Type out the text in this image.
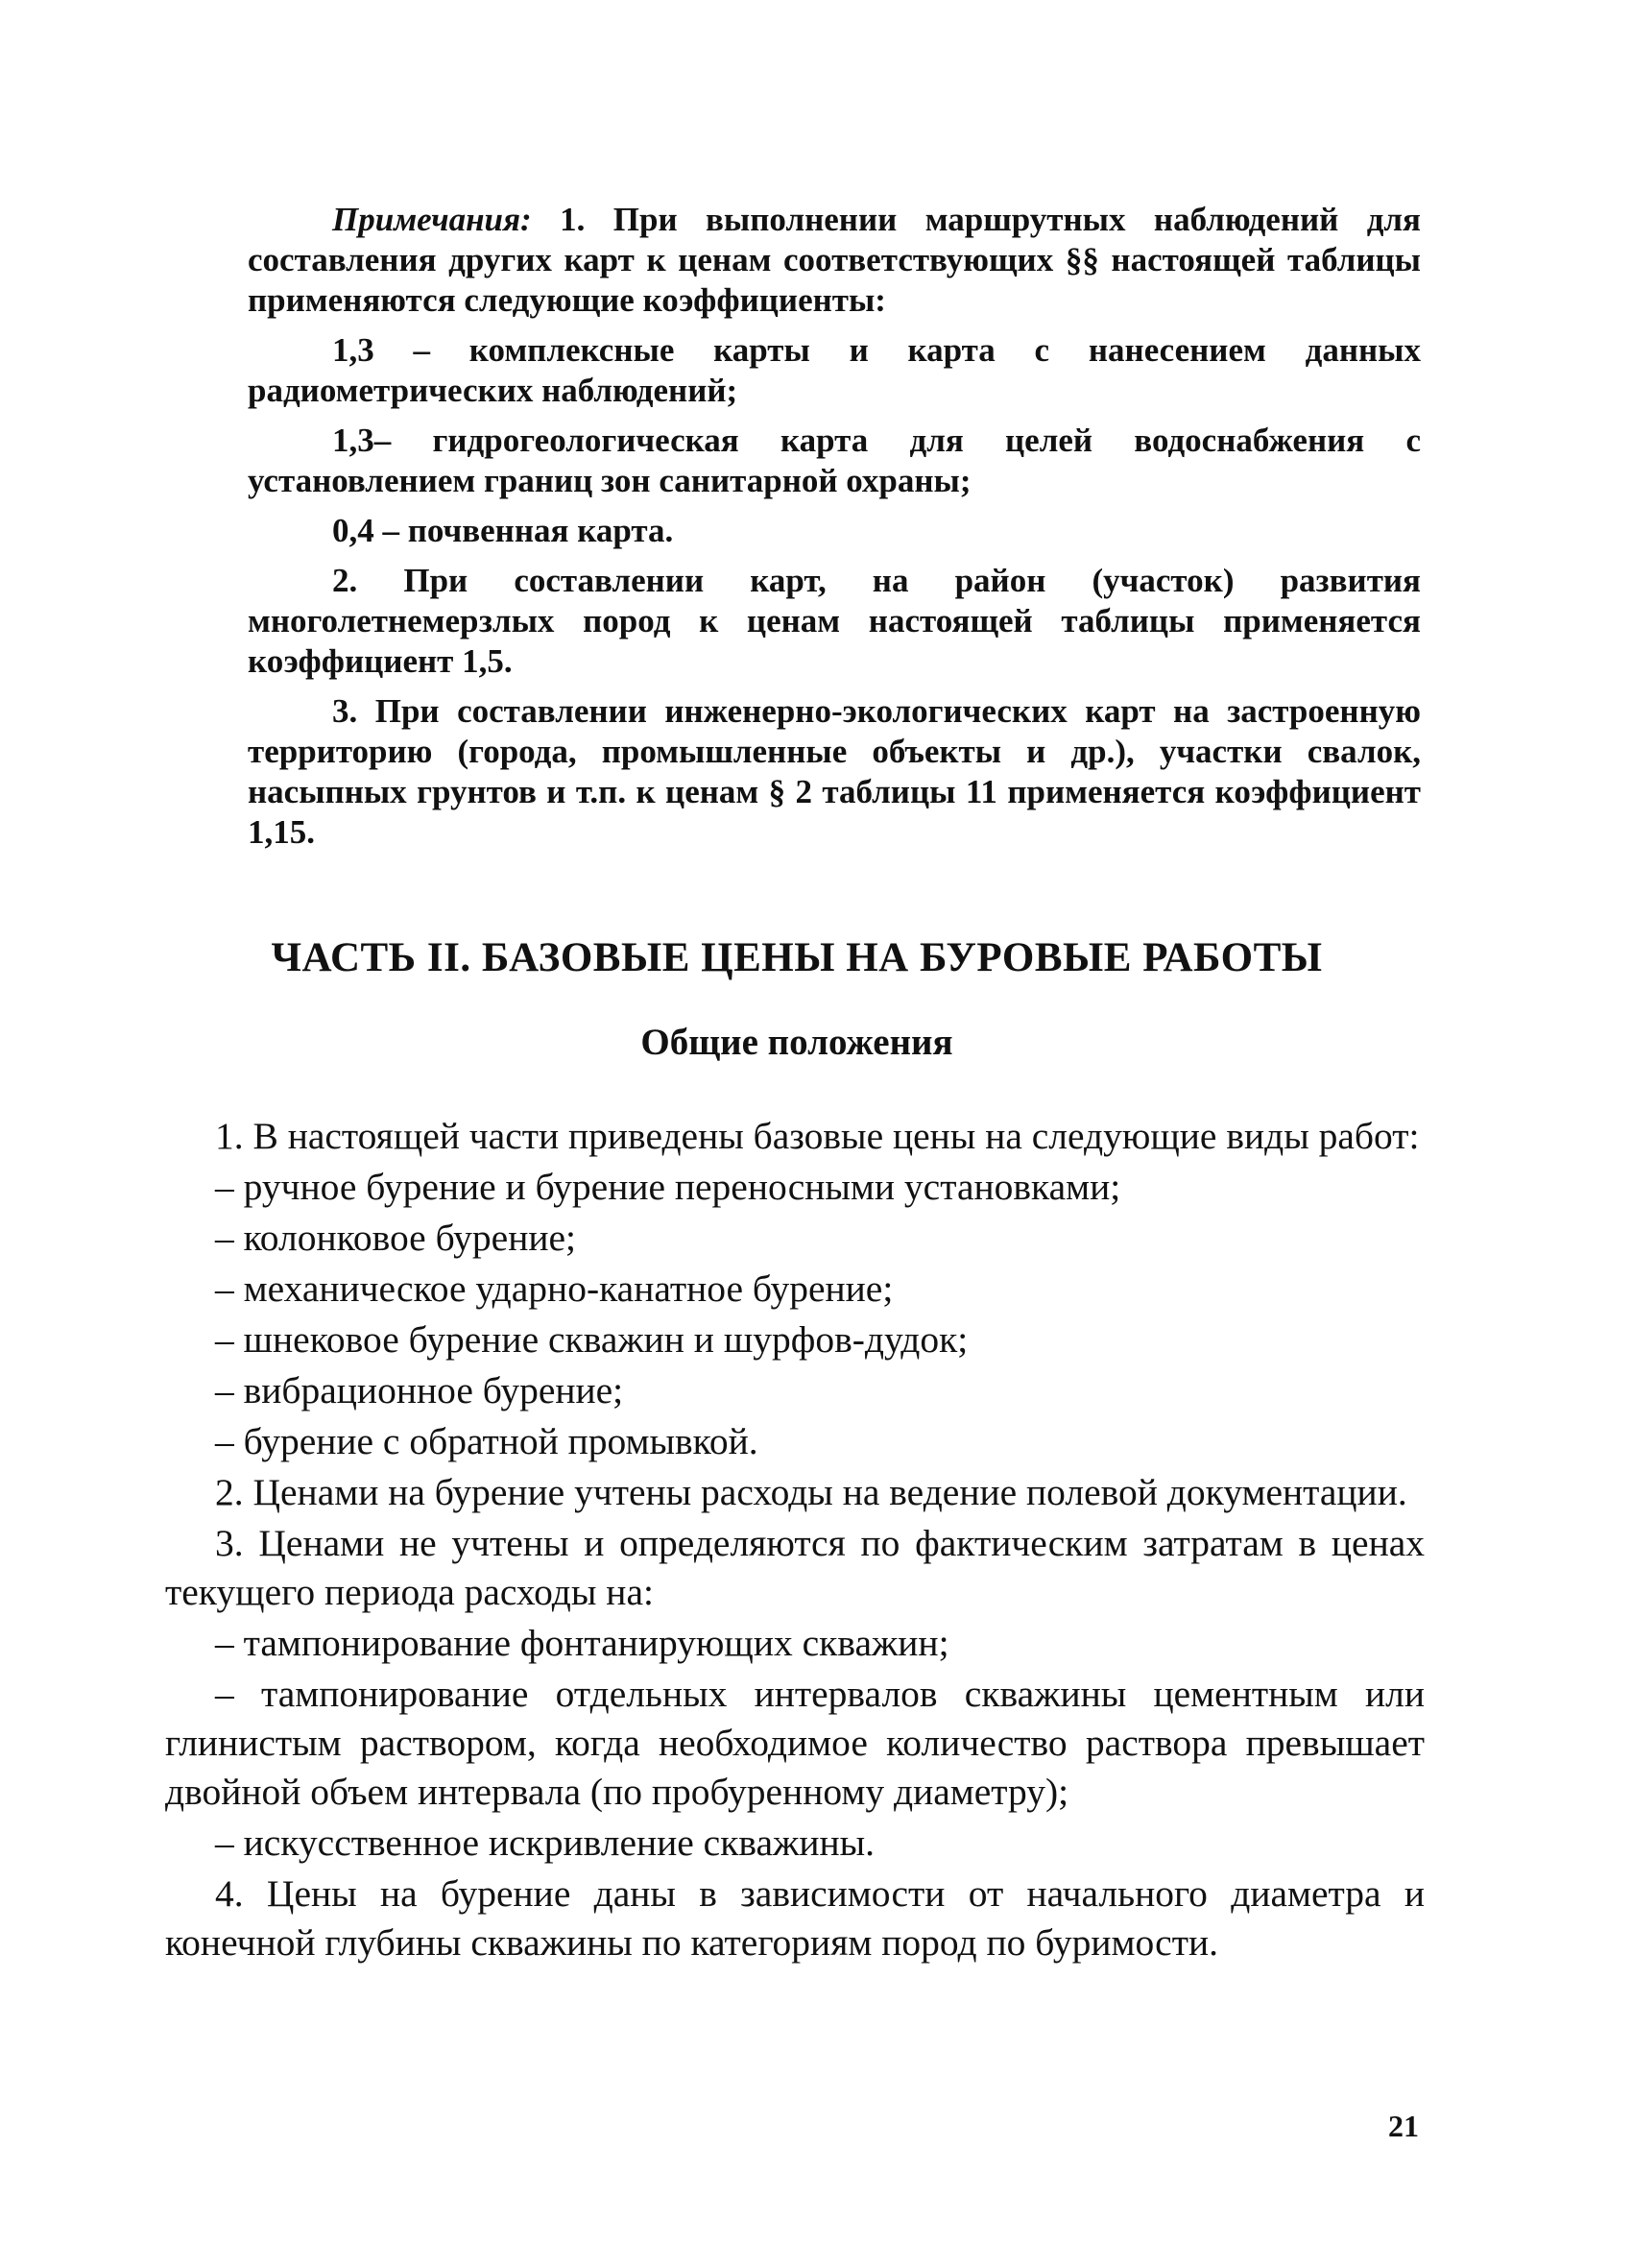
Примечания: 1. При выполнении маршрутных наблюдений для составления других карт к ценам соответствующих §§ настоящей таблицы применяются следующие коэффициенты:

1,3 – комплексные карты и карта с нанесением данных радиометрических наблюдений;

1,3– гидрогеологическая карта для целей водоснабжения с установлением границ зон санитарной охраны;

0,4 – почвенная карта.

2. При составлении карт, на район (участок) развития многолетнемерзлых пород к ценам настоящей таблицы применяется коэффициент 1,5.

3. При составлении инженерно-экологических карт на застроенную территорию (города, промышленные объекты и др.), участки свалок, насыпных грунтов и т.п. к ценам § 2 таблицы 11 применяется коэффициент 1,15.

ЧАСТЬ II. БАЗОВЫЕ ЦЕНЫ НА БУРОВЫЕ РАБОТЫ
Общие положения

1. В настоящей части приведены базовые цены на следующие виды работ:

– ручное бурение и бурение переносными установками;

– колонковое бурение;

– механическое ударно-канатное бурение;

– шнековое бурение скважин и шурфов-дудок;

– вибрационное бурение;

– бурение с обратной промывкой.

2. Ценами на бурение учтены расходы на ведение полевой документации.

3. Ценами не учтены и определяются по фактическим затратам в ценах текущего периода расходы на:

– тампонирование фонтанирующих скважин;

– тампонирование отдельных интервалов скважины цементным или глинистым раствором, когда необходимое количество раствора превышает двойной объем интервала (по пробуренному диаметру);

– искусственное искривление скважины.

4. Цены на бурение даны в зависимости от начального диаметра и конечной глубины скважины по категориям пород по буримости.

21
